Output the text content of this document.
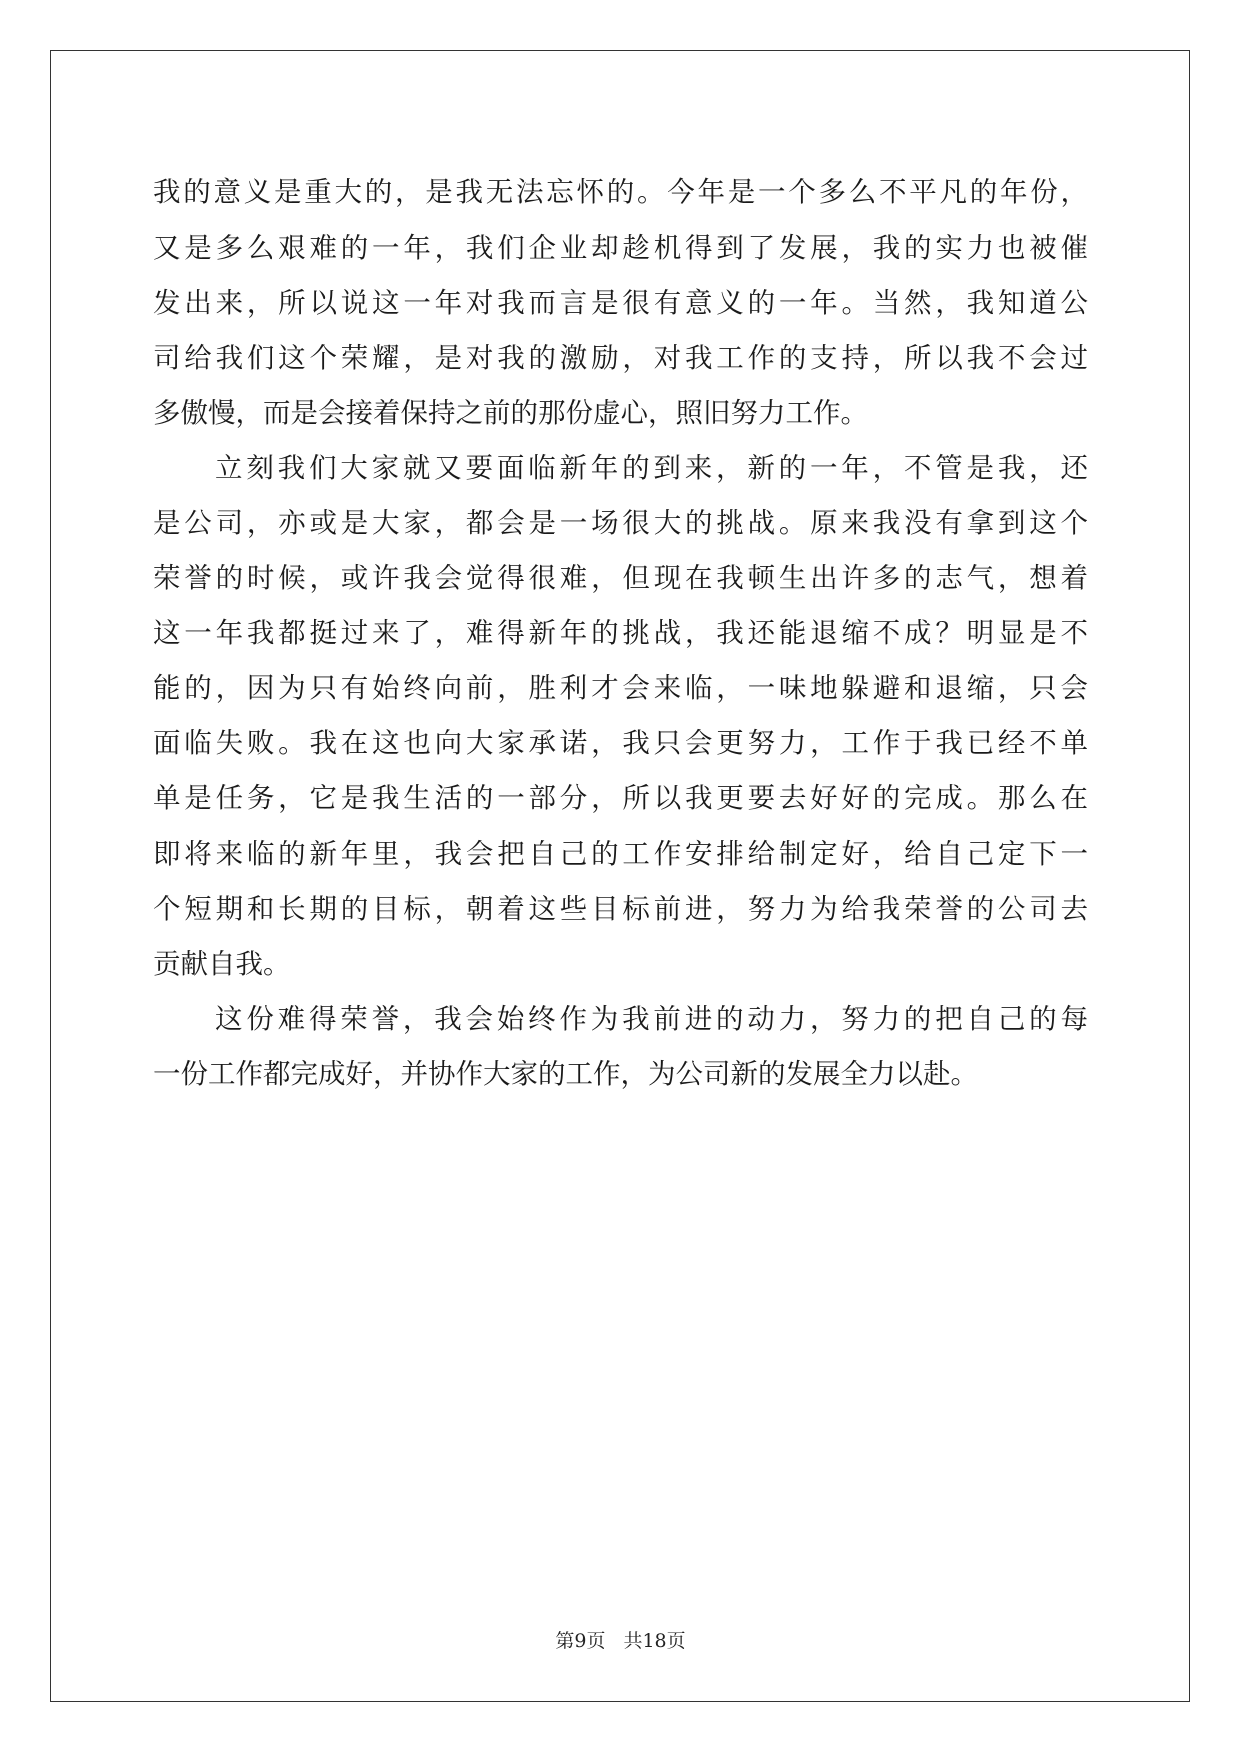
我的意义是重大的，是我无法忘怀的。今年是一个多么不平凡的年份，
又是多么艰难的一年，我们企业却趁机得到了发展，我的实力也被催
发出来，所以说这一年对我而言是很有意义的一年。当然，我知道公
司给我们这个荣耀，是对我的激励，对我工作的支持，所以我不会过
多傲慢，而是会接着保持之前的那份虚心，照旧努力工作。
立刻我们大家就又要面临新年的到来，新的一年，不管是我，还
是公司，亦或是大家，都会是一场很大的挑战。原来我没有拿到这个
荣誉的时候，或许我会觉得很难，但现在我顿生出许多的志气，想着
这一年我都挺过来了，难得新年的挑战，我还能退缩不成？明显是不
能的，因为只有始终向前，胜利才会来临，一味地躲避和退缩，只会
面临失败。我在这也向大家承诺，我只会更努力，工作于我已经不单
单是任务，它是我生活的一部分，所以我更要去好好的完成。那么在
即将来临的新年里，我会把自己的工作安排给制定好，给自己定下一
个短期和长期的目标，朝着这些目标前进，努力为给我荣誉的公司去
贡献自我。
这份难得荣誉，我会始终作为我前进的动力，努力的把自己的每
一份工作都完成好，并协作大家的工作，为公司新的发展全力以赴。
第9页 共18页
